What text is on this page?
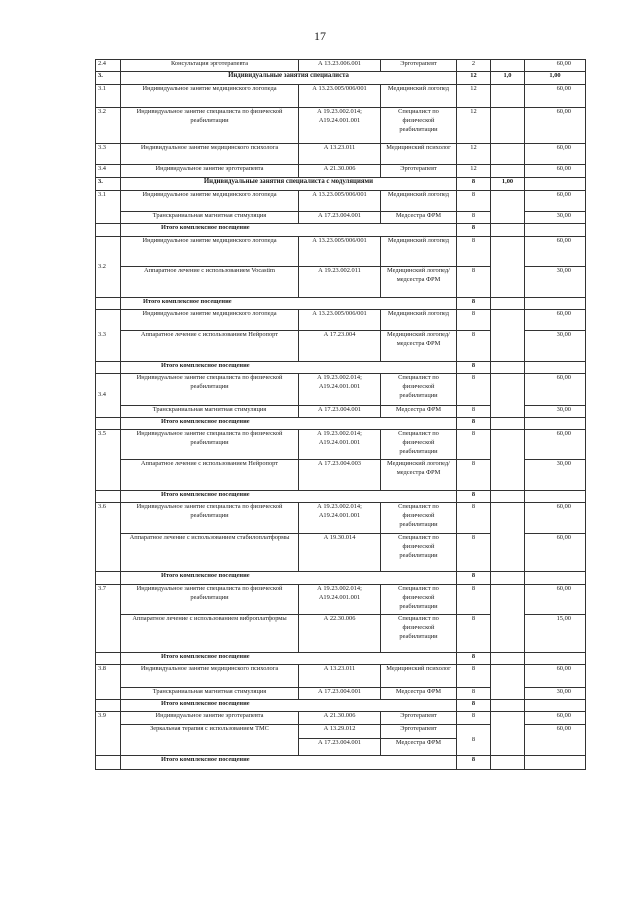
17
2.4	Консультация эрготерапевта	А 13.23.006.001	Эрготерапевт	2		60,00
3.	Индивидуальные занятия специалиста			12	1,0	1,00
3.1	Индивидуальное занятие медицинского логопеда	А 13.23.005/006/001	Медицинский логопед	12		60,00
3.2	Индивидуальное занятие специалиста по физической реабилитации	А 19.23.002.014; А19.24.001.001	Специалист по физической реабилитации	12		60,00
3.3	Индивидуальное занятие медицинского психолога	А 13.23.011	Медицинский психолог	12		60,00
3.4	Индивидуальное занятие эрготерапевта	А 21.30.006	Эрготерапевт	12		60,00
3.	Индивидуальные занятия специалиста с модуляциями			8	1,00	
3.1	Индивидуальное занятие медицинского логопеда	А 13.23.005/006/001	Медицинский логопед	8		60,00
	Транскраниальная магнитная стимуляция	А 17.23.004.001	Медсестра ФРМ	8		30,00
	Итого комплексное посещение			8		
3.2	Индивидуальное занятие медицинского логопеда	А 13.23.005/006/001	Медицинский логопед	8		60,00
	Аппаратное лечение с использованием Vocastim	А 19.23.002.011	Медицинский логопед/ медсестра ФРМ	8		30,00
	Итого комплексное посещение			8		
3.3	Индивидуальное занятие медицинского логопеда	А 13.23.005/006/001	Медицинский логопед	8		60,00
	Аппаратное лечение с использованием Нейропорт	А 17.23.004	Медицинский логопед/ медсестра ФРМ	8		30,00
	Итого комплексное посещение			8		
3.4	Индивидуальное занятие специалиста по физической реабилитации	А 19.23.002.014; А19.24.001.001	Специалист по физической реабилитации	8		60,00
	Транскраниальная магнитная стимуляция	А 17.23.004.001	Медсестра ФРМ	8		30,00
	Итого комплексное посещение			8		
3.5	Индивидуальное занятие специалиста по физической реабилитации	А 19.23.002.014; А19.24.001.001	Специалист по физической реабилитации	8		60,00
	Аппаратное лечение с использованием Нейропорт	А 17.23.004.003	Медицинский логопед/ медсестра ФРМ	8		30,00
	Итого комплексное посещение			8		
3.6	Индивидуальное занятие специалиста по физической реабилитации	А 19.23.002.014; А19.24.001.001	Специалист по физической реабилитации	8		60,00
	Аппаратное лечение с использованием стабилоплатформы	А 19.30.014	Специалист по физической реабилитации	8		60,00
	Итого комплексное посещение			8		
3.7	Индивидуальное занятие специалиста по физической реабилитации	А 19.23.002.014; А19.24.001.001	Специалист по физической реабилитации	8		60,00
	Аппаратное лечение с использованием виброплатформы	А 22.30.006	Специалист по физической реабилитации	8		15,00
	Итого комплексное посещение			8		
3.8	Индивидуальное занятие медицинского психолога	А 13.23.011	Медицинский психолог	8		60,00
	Транскраниальная магнитная стимуляция	А 17.23.004.001	Медсестра ФРМ	8		30,00
	Итого комплексное посещение			8		
3.9	Индивидуальное занятие эрготерапевта	А 21.30.006	Эрготерапевт	8		60,00
	Зеркальная терапия с использованием ТМС	А 13.29.012	Эрготерапевт	8		60,00
		А 17.23.004.001	Медсестра ФРМ			
	Итого комплексное посещение			8		
